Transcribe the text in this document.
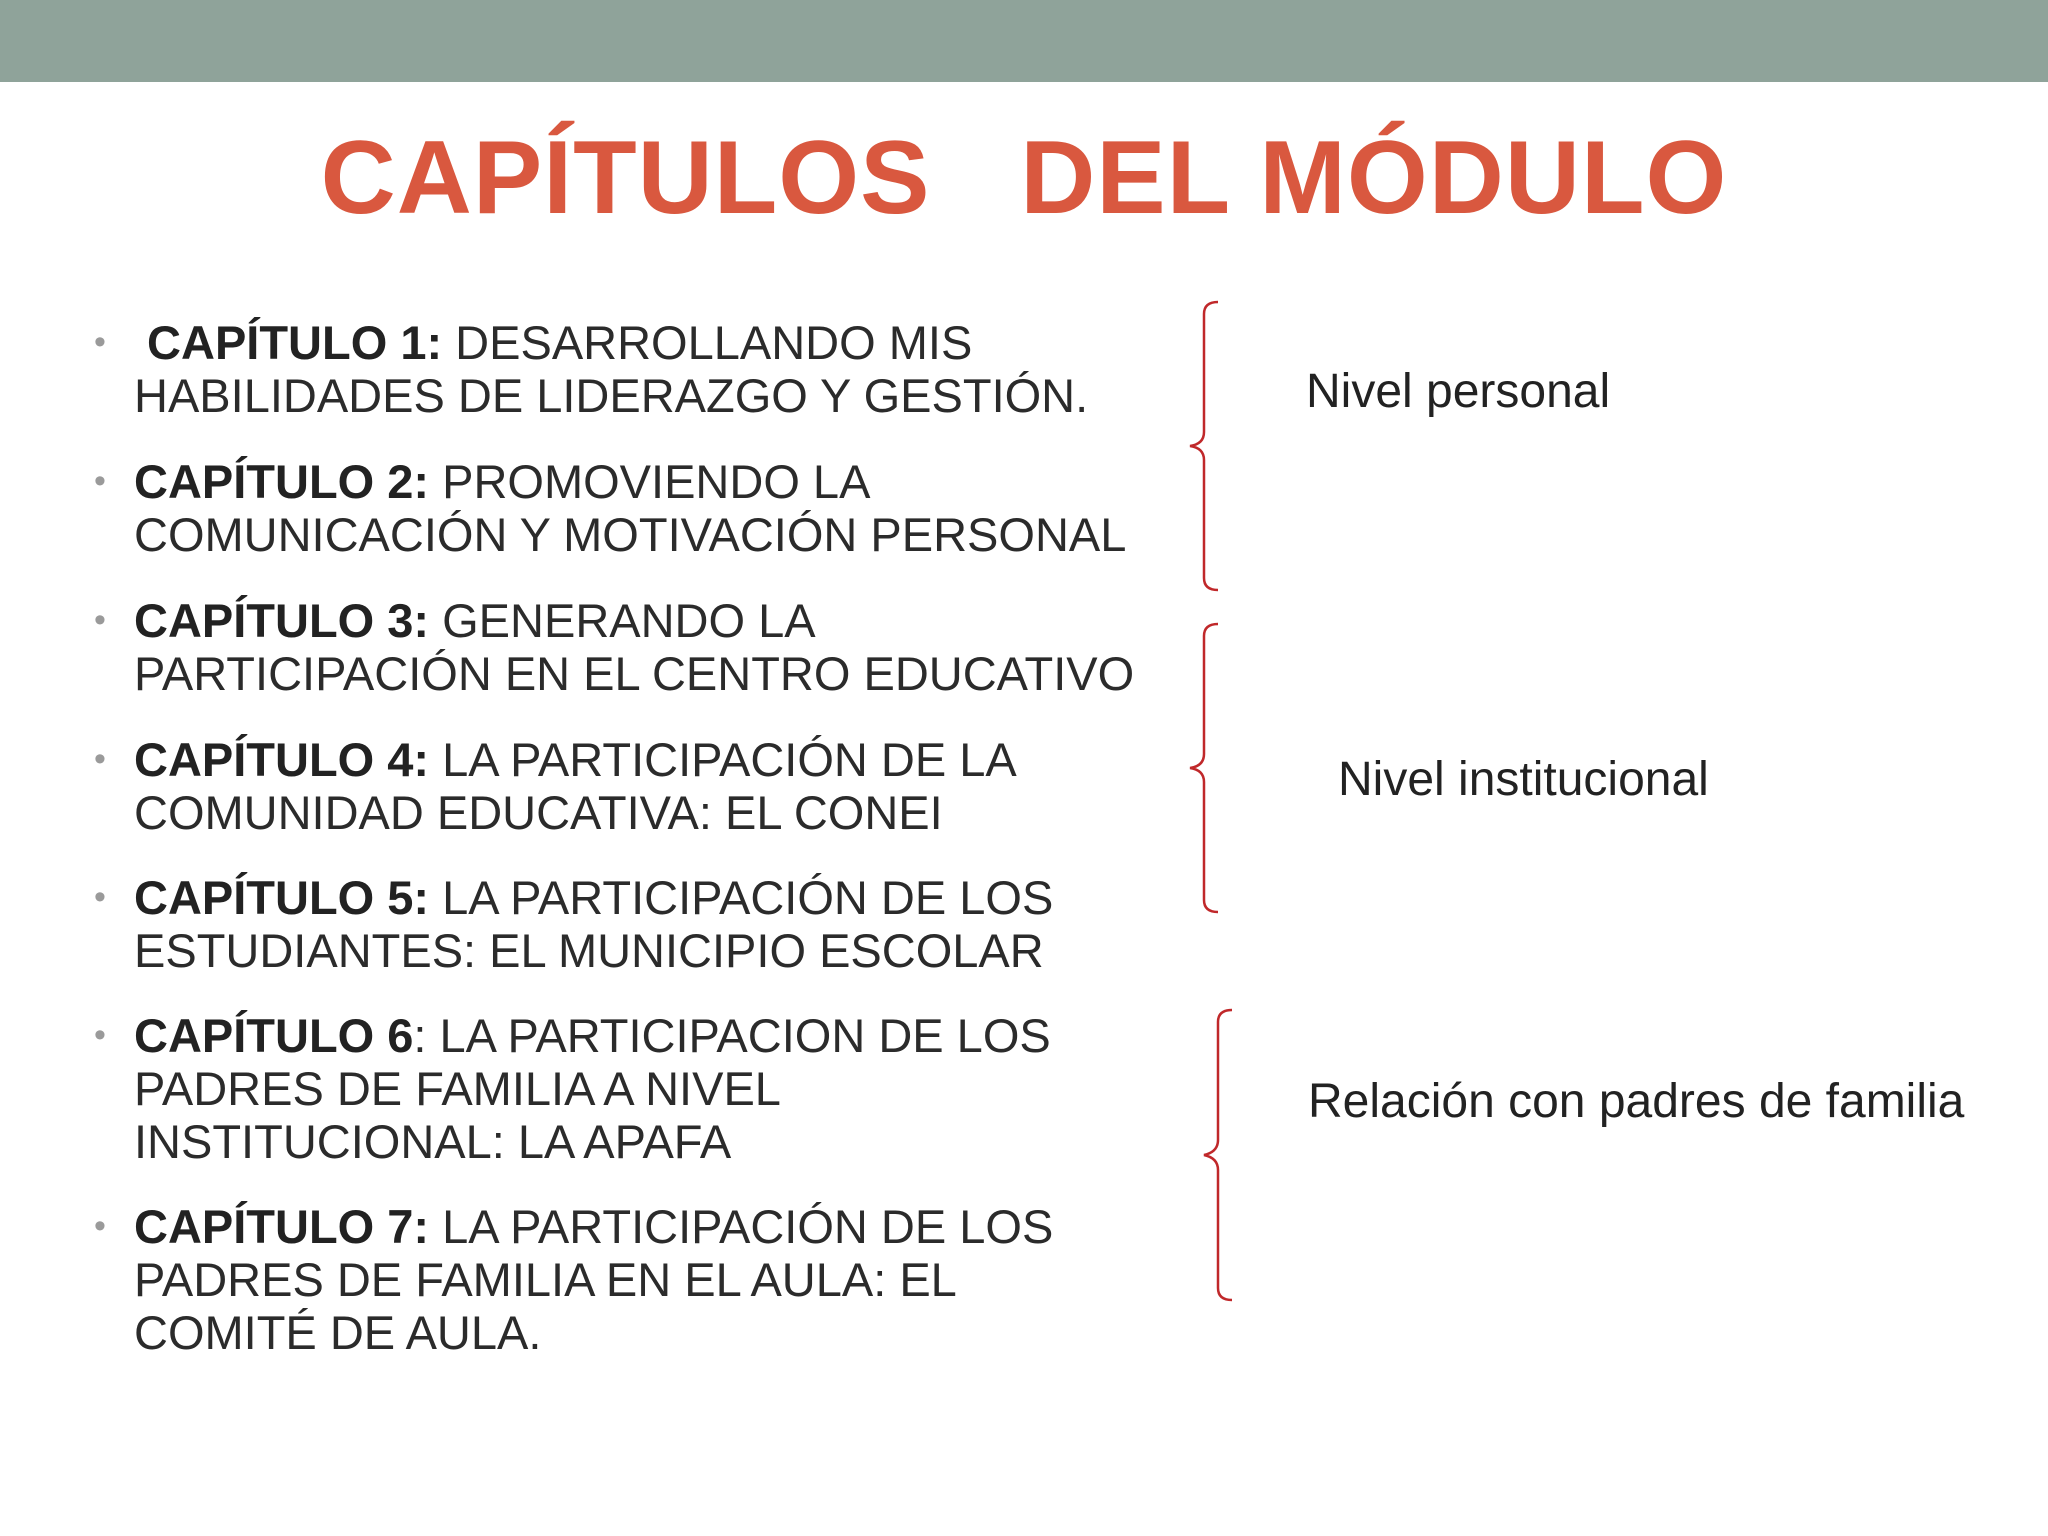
CAPÍTULOS   DEL MÓDULO
• CAPÍTULO 1: DESARROLLANDO MIS
HABILIDADES DE LIDERAZGO Y GESTIÓN.
• CAPÍTULO 2: PROMOVIENDO LA
COMUNICACIÓN Y MOTIVACIÓN PERSONAL
• CAPÍTULO 3: GENERANDO LA
PARTICIPACIÓN EN EL CENTRO EDUCATIVO
• CAPÍTULO 4: LA PARTICIPACIÓN DE LA
COMUNIDAD EDUCATIVA: EL CONEI
• CAPÍTULO 5: LA PARTICIPACIÓN DE LOS
ESTUDIANTES: EL MUNICIPIO ESCOLAR
• CAPÍTULO 6: LA PARTICIPACION DE LOS
PADRES DE FAMILIA A NIVEL
INSTITUCIONAL: LA APAFA
• CAPÍTULO 7: LA PARTICIPACIÓN DE LOS
PADRES DE FAMILIA EN EL AULA: EL
COMITÉ DE AULA.
Nivel personal
Nivel institucional
Relación con padres de familia
